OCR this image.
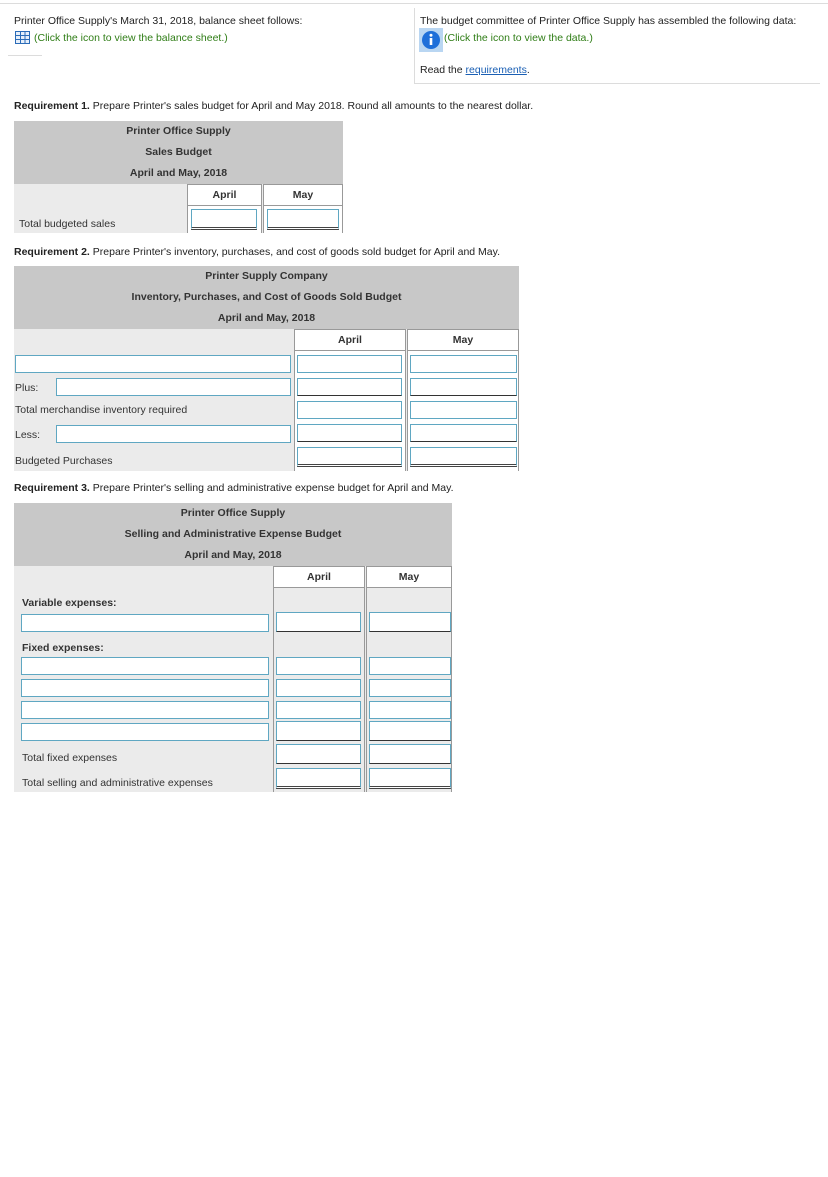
Printer Office Supply's March 31, 2018, balance sheet follows:
(Click the icon to view the balance sheet.)
The budget committee of Printer Office Supply has assembled the following data:
(Click the icon to view the data.)
Read the requirements.
Requirement 1. Prepare Printer's sales budget for April and May 2018. Round all amounts to the nearest dollar.
Printer Office Supply
Sales Budget
April and May, 2018
April	May
Total budgeted sales
Requirement 2. Prepare Printer's inventory, purchases, and cost of goods sold budget for April and May.
Printer Supply Company
Inventory, Purchases, and Cost of Goods Sold Budget
April and May, 2018
April	May
Plus:
Total merchandise inventory required
Less:
Budgeted Purchases
Requirement 3. Prepare Printer's selling and administrative expense budget for April and May.
Printer Office Supply
Selling and Administrative Expense Budget
April and May, 2018
April	May
Variable expenses:
Fixed expenses:
Total fixed expenses
Total selling and administrative expenses
